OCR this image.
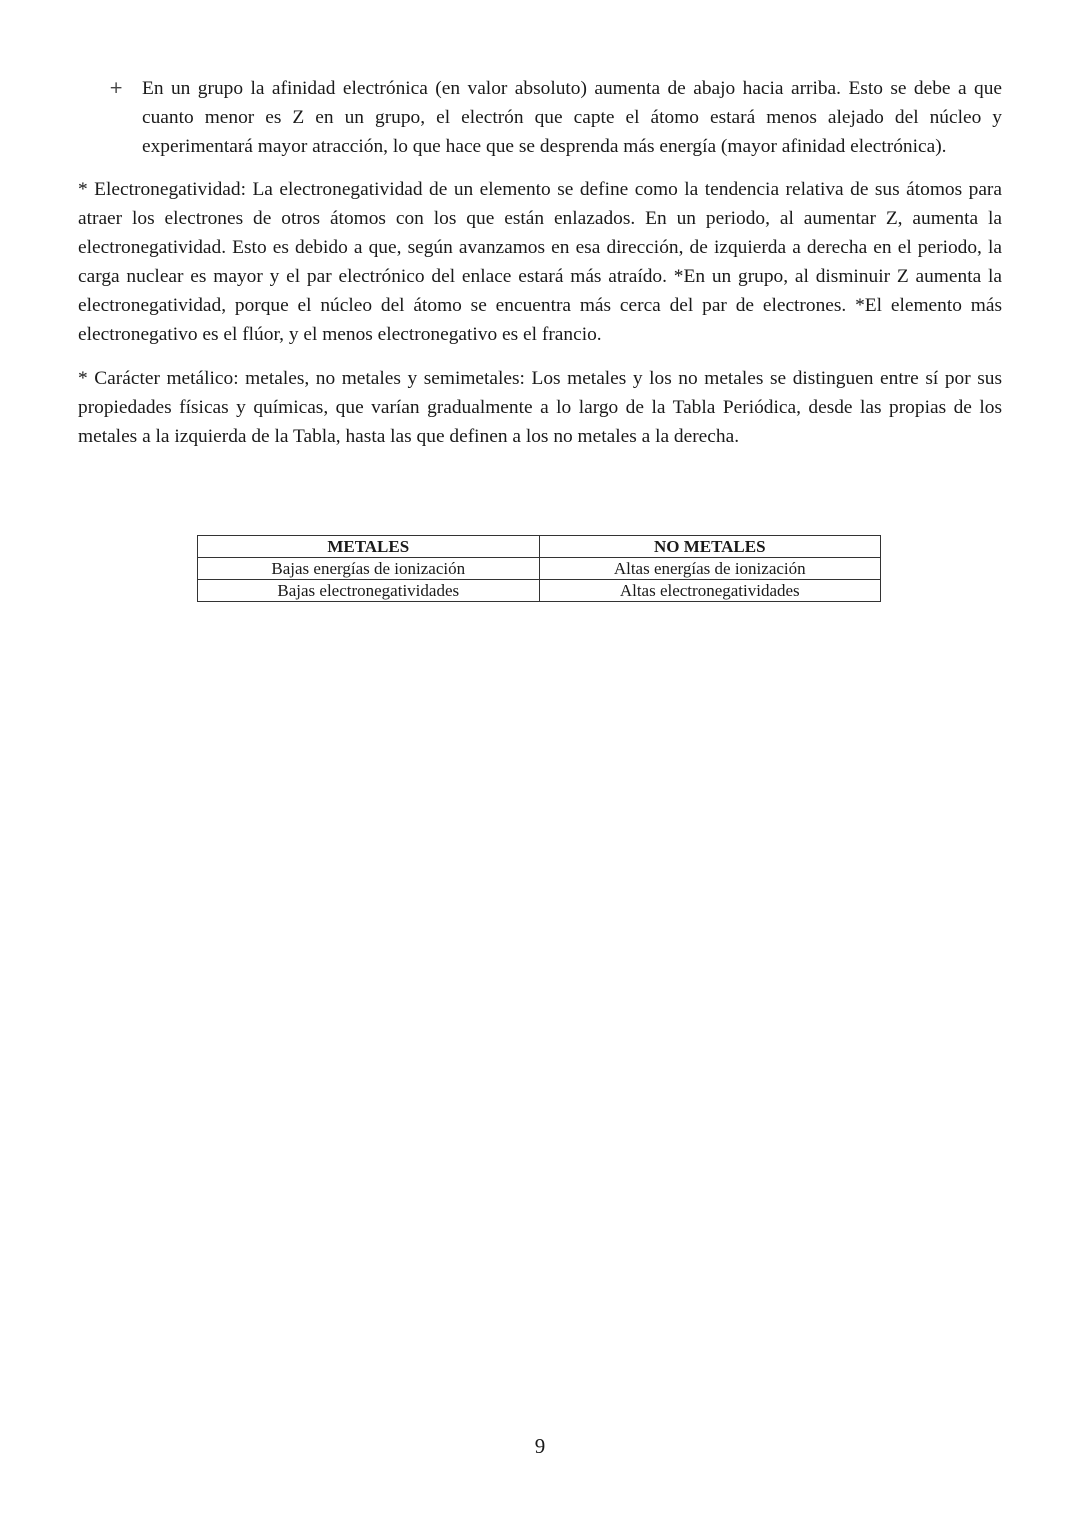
+ En un grupo la afinidad electrónica (en valor absoluto) aumenta de abajo hacia arriba. Esto se debe a que cuanto menor es Z en un grupo, el electrón que capte el átomo estará menos alejado del núcleo y experimentará mayor atracción, lo que hace que se desprenda más energía (mayor afinidad electrónica).

* Electronegatividad: La electronegatividad de un elemento se define como la tendencia relativa de sus átomos para atraer los electrones de otros átomos con los que están enlazados. En un periodo, al aumentar Z, aumenta la electronegatividad. Esto es debido a que, según avanzamos en esa dirección, de izquierda a derecha en el periodo, la carga nuclear es mayor y el par electrónico del enlace estará más atraído. *En un grupo, al disminuir Z aumenta la electronegatividad, porque el núcleo del átomo se encuentra más cerca del par de electrones. *El elemento más electronegativo es el flúor, y el menos electronegativo es el francio.

* Carácter metálico: metales, no metales y semimetales: Los metales y los no metales se distinguen entre sí por sus propiedades físicas y químicas, que varían gradualmente a lo largo de la Tabla Periódica, desde las propias de los metales a la izquierda de la Tabla, hasta las que definen a los no metales a la derecha.

METALES	NO METALES
Bajas energías de ionización	Altas energías de ionización
Bajas electronegatividades	Altas electronegatividades
9
